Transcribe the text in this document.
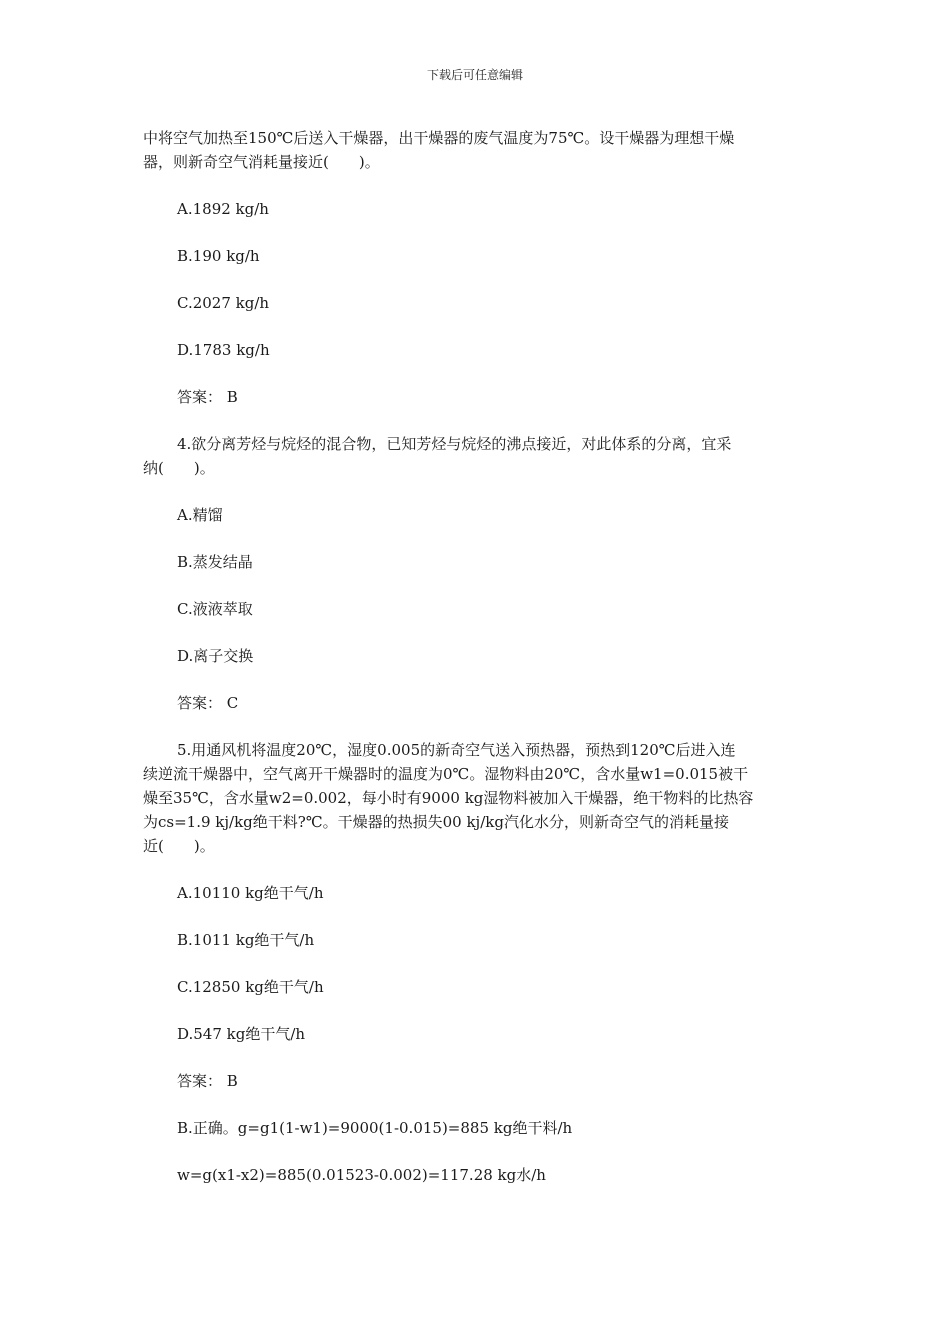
下载后可任意编辑

中将空气加热至150℃后送入干燥器，出干燥器的废气温度为75℃。设干燥器为理想干燥

器，则新奇空气消耗量接近(　　)。

A.1892 kg/h

B.190 kg/h

C.2027 kg/h

D.1783 kg/h

答案： B

4.欲分离芳烃与烷烃的混合物，已知芳烃与烷烃的沸点接近，对此体系的分离，宜采

纳(　　)。

A.精馏

B.蒸发结晶

C.液液萃取

D.离子交换

答案： C

5.用通风机将温度20℃，湿度0.005的新奇空气送入预热器，预热到120℃后进入连

续逆流干燥器中，空气离开干燥器时的温度为0℃。湿物料由20℃，含水量w1=0.015被干

燥至35℃，含水量w2=0.002，每小时有9000 kg湿物料被加入干燥器，绝干物料的比热容

为cs=1.9 kj/kg绝干料?℃。干燥器的热损失00 kj/kg汽化水分，则新奇空气的消耗量接

近(　　)。

A.10110 kg绝干气/h

B.1011 kg绝干气/h

C.12850 kg绝干气/h

D.547 kg绝干气/h

答案： B

B.正确。g=g1(1-w1)=9000(1-0.015)=885 kg绝干料/h

w=g(x1-x2)=885(0.01523-0.002)=117.28 kg水/h
